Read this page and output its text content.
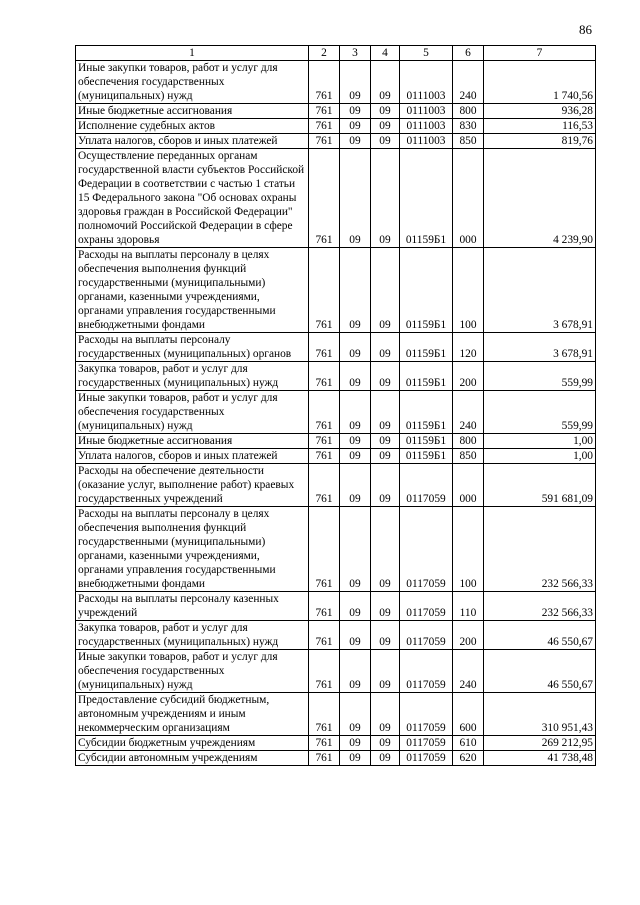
86
1	2	3	4	5	6	7
Иные закупки товаров, работ и услуг для обеспечения государственных (муниципальных) нужд	761	09	09	0111003	240	1 740,56
Иные бюджетные ассигнования	761	09	09	0111003	800	936,28
Исполнение судебных актов	761	09	09	0111003	830	116,53
Уплата налогов, сборов и иных платежей	761	09	09	0111003	850	819,76
Осуществление переданных органам государственной власти субъектов Российской Федерации в соответствии с частью 1 статьи 15 Федерального закона "Об основах охраны здоровья граждан в Российской Федерации" полномочий Российской Федерации в сфере охраны здоровья	761	09	09	01159Б1	000	4 239,90
Расходы на выплаты персоналу в целях обеспечения выполнения функций государственными (муниципальными) органами, казенными учреждениями, органами управления государственными внебюджетными фондами	761	09	09	01159Б1	100	3 678,91
Расходы на выплаты персоналу государственных (муниципальных) органов	761	09	09	01159Б1	120	3 678,91
Закупка товаров, работ и услуг для государственных (муниципальных) нужд	761	09	09	01159Б1	200	559,99
Иные закупки товаров, работ и услуг для обеспечения государственных (муниципальных) нужд	761	09	09	01159Б1	240	559,99
Иные бюджетные ассигнования	761	09	09	01159Б1	800	1,00
Уплата налогов, сборов и иных платежей	761	09	09	01159Б1	850	1,00
Расходы на обеспечение деятельности (оказание услуг, выполнение работ) краевых государственных учреждений	761	09	09	0117059	000	591 681,09
Расходы на выплаты персоналу в целях обеспечения выполнения функций государственными (муниципальными) органами, казенными учреждениями, органами управления государственными внебюджетными фондами	761	09	09	0117059	100	232 566,33
Расходы на выплаты персоналу казенных учреждений	761	09	09	0117059	110	232 566,33
Закупка товаров, работ и услуг для государственных (муниципальных) нужд	761	09	09	0117059	200	46 550,67
Иные закупки товаров, работ и услуг для обеспечения государственных (муниципальных) нужд	761	09	09	0117059	240	46 550,67
Предоставление субсидий бюджетным, автономным учреждениям и иным некоммерческим организациям	761	09	09	0117059	600	310 951,43
Субсидии бюджетным учреждениям	761	09	09	0117059	610	269 212,95
Субсидии автономным учреждениям	761	09	09	0117059	620	41 738,48
